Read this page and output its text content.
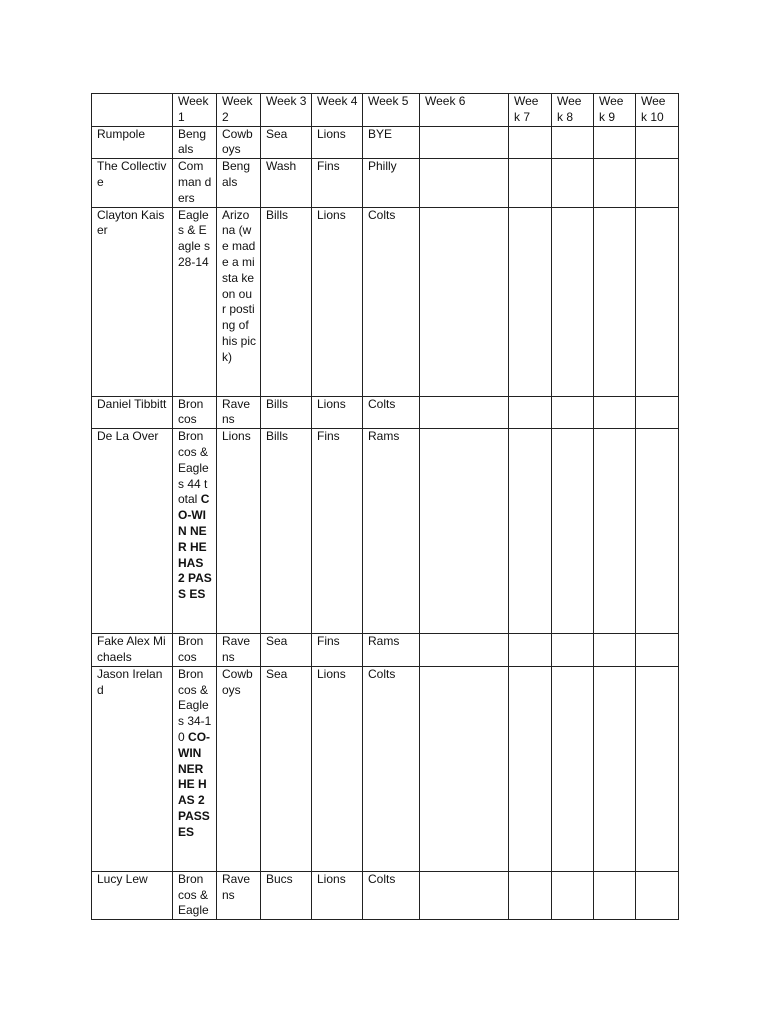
	Week 1	Week 2	Week 3	Week 4	Week 5	Week 6	Wee k 7	Wee k 8	Wee k 9	Wee k 10
Rumpole	Beng als	Cowb oys	Sea	Lions	BYE					
The Collective	Com man ders	Beng als	Wash	Fins	Philly					
Clayton Kaiser	Eagle s & Eagle s 28-14	Arizo na (we made a mista ke on our posti ng of his pick)	Bills	Lions	Colts					
Daniel Tibbitt	Bron cos	Rave ns	Bills	Lions	Colts					
De La Over	Bron cos & Eagle s 44 total CO-WIN NER HE HAS 2 PASS ES	Lions	Bills	Fins	Rams					
Fake Alex Michaels	Bron cos	Rave ns	Sea	Fins	Rams					
Jason Ireland	Bron cos & Eagle s 34-10 CO-WIN NER HE HAS 2 PASS ES	Cowb oys	Sea	Lions	Colts					
Lucy Lew	Bron cos & Eagle	Rave ns	Bucs	Lions	Colts					
